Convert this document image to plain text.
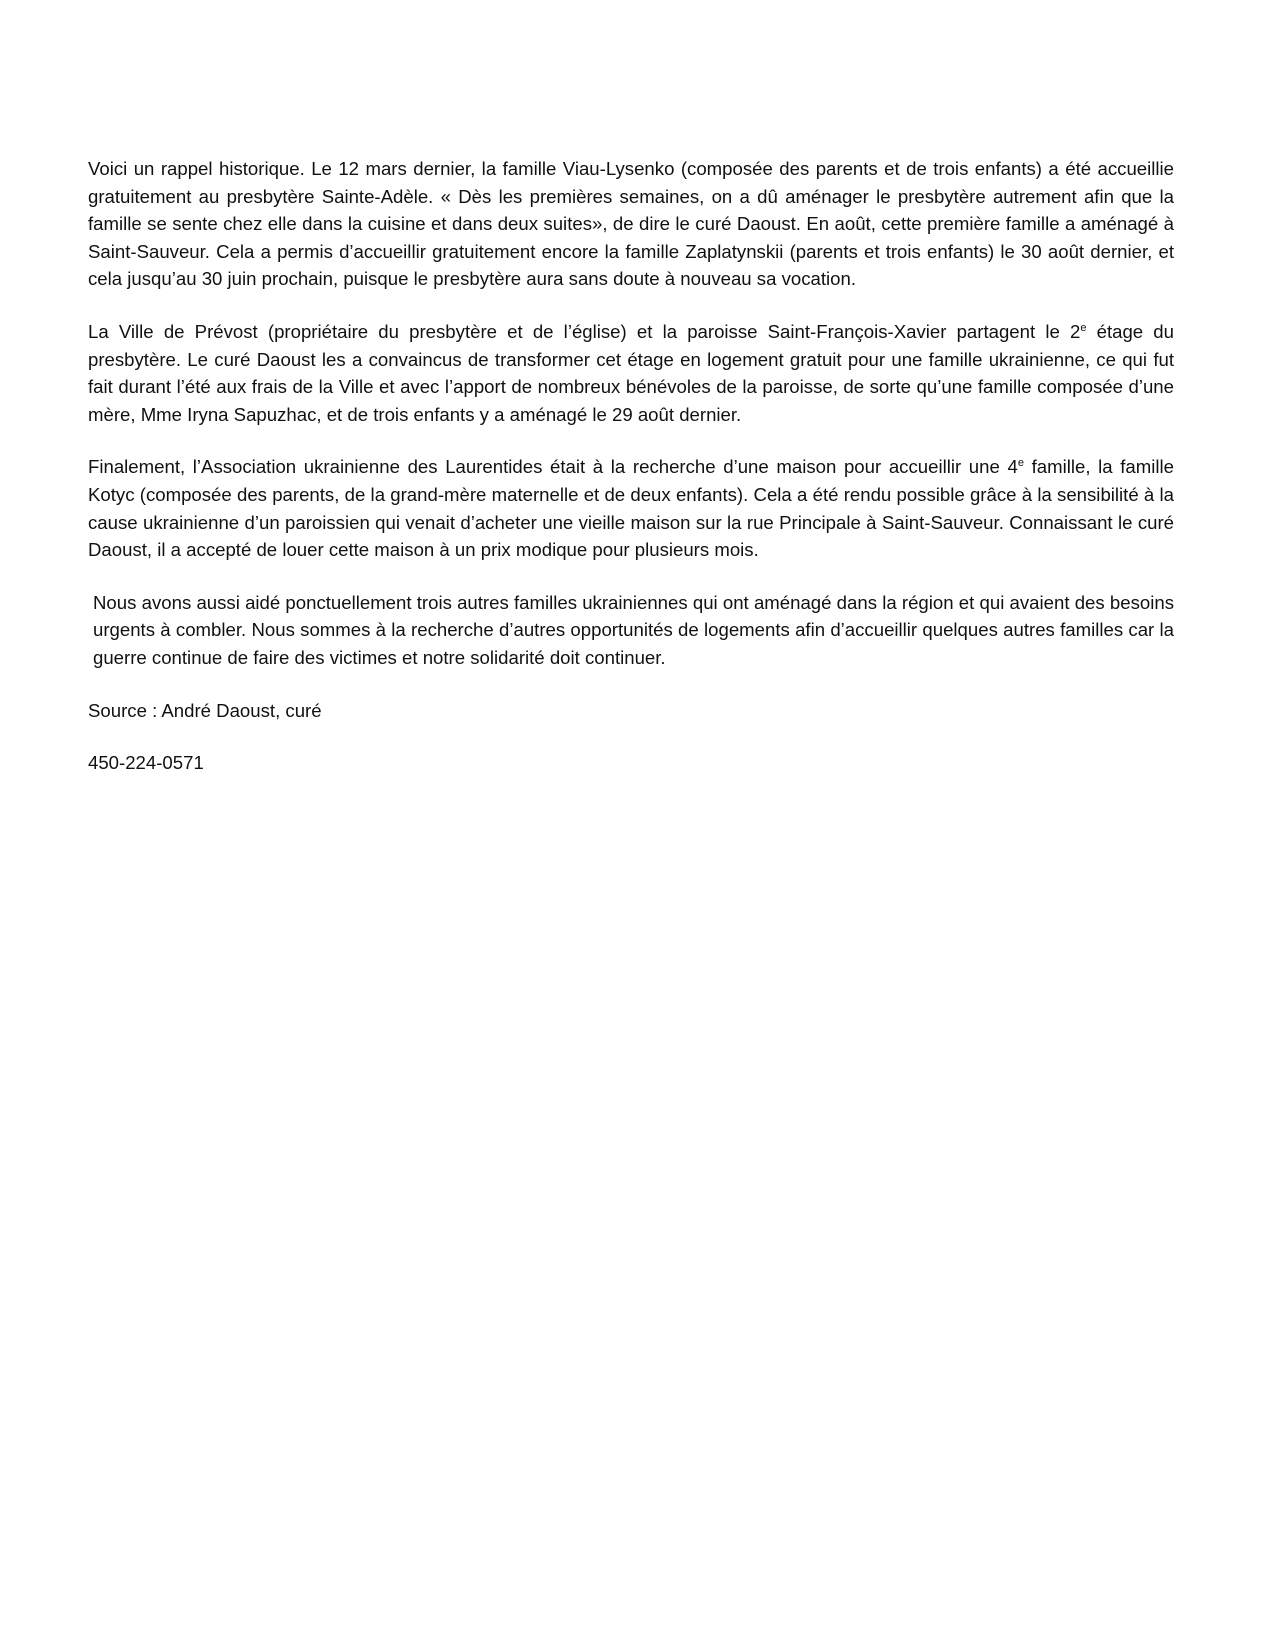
Voici un rappel historique. Le 12 mars dernier, la famille Viau-Lysenko (composée des parents et de trois enfants) a été accueillie gratuitement au presbytère Sainte-Adèle. « Dès les premières semaines, on a dû aménager le presbytère autrement afin que la famille se sente chez elle dans la cuisine et dans deux suites», de dire le curé Daoust. En août, cette première famille a aménagé à Saint-Sauveur. Cela a permis d’accueillir gratuitement encore la famille Zaplatynskii (parents et trois enfants) le 30 août dernier, et cela jusqu’au 30 juin prochain, puisque le presbytère aura sans doute à nouveau sa vocation.

La Ville de Prévost (propriétaire du presbytère et de l’église) et la paroisse Saint-François-Xavier partagent le 2e étage du presbytère. Le curé Daoust les a convaincus de transformer cet étage en logement gratuit pour une famille ukrainienne, ce qui fut fait durant l’été aux frais de la Ville et avec l’apport de nombreux bénévoles de la paroisse, de sorte qu’une famille composée d’une mère, Mme Iryna Sapuzhac, et de trois enfants y a aménagé le 29 août dernier.

Finalement, l’Association ukrainienne des Laurentides était à la recherche d’une maison pour accueillir une 4e famille, la famille Kotyc (composée des parents, de la grand-mère maternelle et de deux enfants). Cela a été rendu possible grâce à la sensibilité à la cause ukrainienne d’un paroissien qui venait d’acheter une vieille maison sur la rue Principale à Saint-Sauveur. Connaissant le curé Daoust, il a accepté de louer cette maison à un prix modique pour plusieurs mois.

Nous avons aussi aidé ponctuellement trois autres familles ukrainiennes qui ont aménagé dans la région et qui avaient des besoins urgents à combler. Nous sommes à la recherche d’autres opportunités de logements afin d’accueillir quelques autres familles car la guerre continue de faire des victimes et notre solidarité doit continuer.

Source : André Daoust, curé

450-224-0571
